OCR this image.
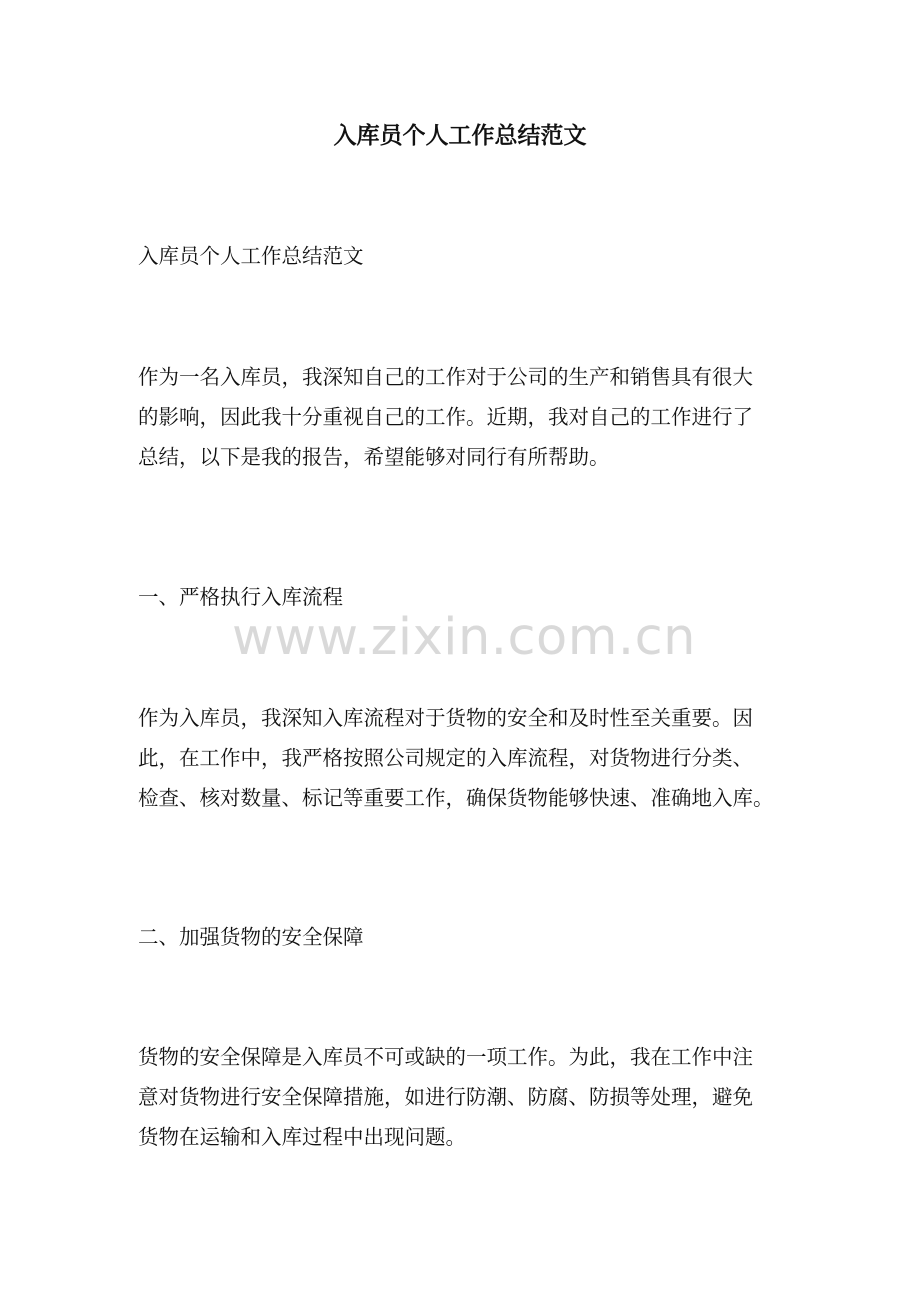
入库员个人工作总结范文
入库员个人工作总结范文

作为一名入库员，我深知自己的工作对于公司的生产和销售具有很大

的影响，因此我十分重视自己的工作。近期，我对自己的工作进行了

总结，以下是我的报告，希望能够对同行有所帮助。

一、严格执行入库流程

作为入库员，我深知入库流程对于货物的安全和及时性至关重要。因

此，在工作中，我严格按照公司规定的入库流程，对货物进行分类、

检查、核对数量、标记等重要工作，确保货物能够快速、准确地入库。

二、加强货物的安全保障

货物的安全保障是入库员不可或缺的一项工作。为此，我在工作中注

意对货物进行安全保障措施，如进行防潮、防腐、防损等处理，避免

货物在运输和入库过程中出现问题。

www.zixin.com.cn
